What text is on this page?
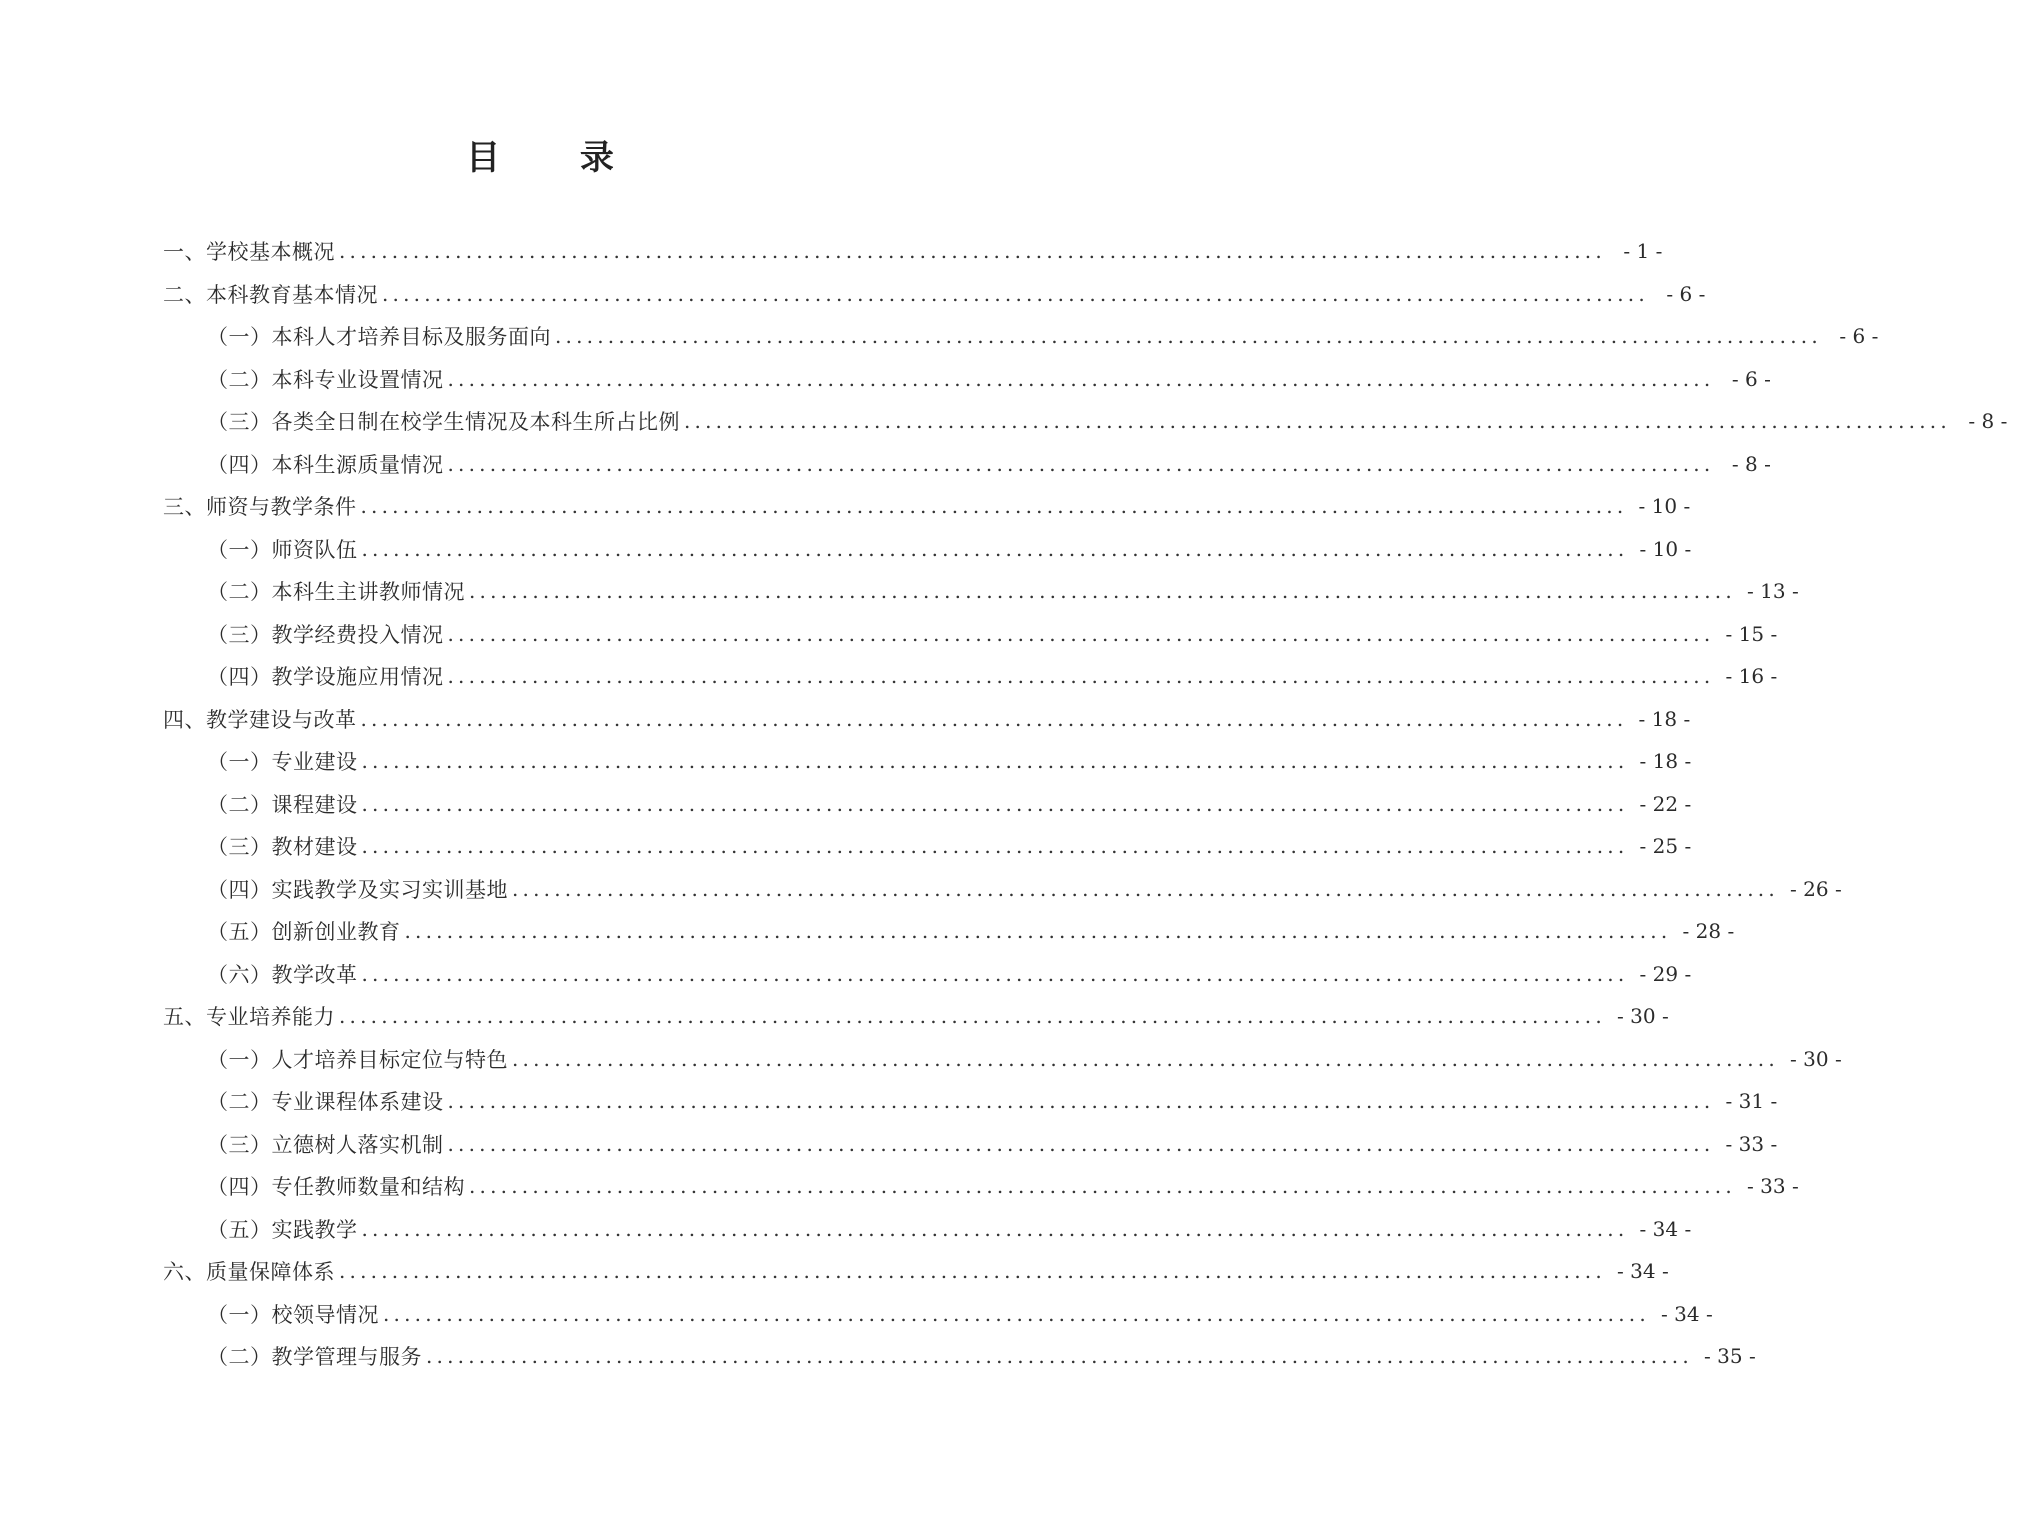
目 录
一、学校基本概况 ........................................................................................................................ - 1 -
二、本科教育基本情况 ........................................................................................................................ - 6 -
（一）本科人才培养目标及服务面向 ........................................................................................................................ - 6 -
（二）本科专业设置情况 ........................................................................................................................ - 6 -
（三）各类全日制在校学生情况及本科生所占比例 ........................................................................................................................ - 8 -
（四）本科生源质量情况 ........................................................................................................................ - 8 -
三、师资与教学条件 ........................................................................................................................ - 10 -
（一）师资队伍 ........................................................................................................................ - 10 -
（二）本科生主讲教师情况 ........................................................................................................................ - 13 -
（三）教学经费投入情况 ........................................................................................................................ - 15 -
（四）教学设施应用情况 ........................................................................................................................ - 16 -
四、教学建设与改革 ........................................................................................................................ - 18 -
（一）专业建设 ........................................................................................................................ - 18 -
（二）课程建设 ........................................................................................................................ - 22 -
（三）教材建设 ........................................................................................................................ - 25 -
（四）实践教学及实习实训基地 ........................................................................................................................ - 26 -
（五）创新创业教育 ........................................................................................................................ - 28 -
（六）教学改革 ........................................................................................................................ - 29 -
五、专业培养能力 ........................................................................................................................ - 30 -
（一）人才培养目标定位与特色 ........................................................................................................................ - 30 -
（二）专业课程体系建设 ........................................................................................................................ - 31 -
（三）立德树人落实机制 ........................................................................................................................ - 33 -
（四）专任教师数量和结构 ........................................................................................................................ - 33 -
（五）实践教学 ........................................................................................................................ - 34 -
六、质量保障体系 ........................................................................................................................ - 34 -
（一）校领导情况 ........................................................................................................................ - 34 -
（二）教学管理与服务 ........................................................................................................................ - 35 -
